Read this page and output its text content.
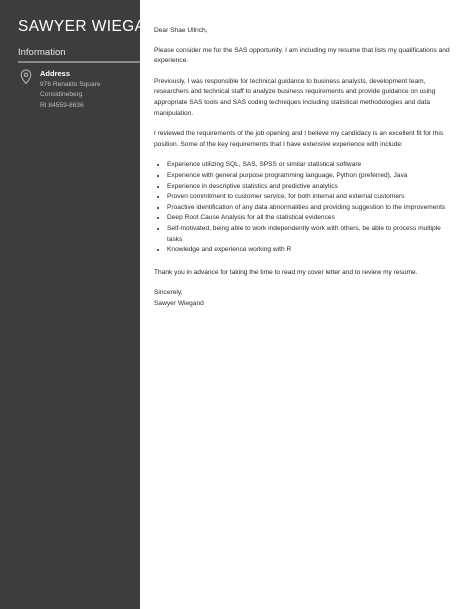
SAWYER WIEGAND
Information
Address
976 Renaldo Square
Considineberg
RI 84559-8636

Dear Shae Ullrich,

Please consider me for the SAS opportunity. I am including my resume that lists my qualifications and experience.

Previously, I was responsible for technical guidance to business analysts, development team, researchers and technical staff to analyze business requirements and provide guidance on using appropriate SAS tools and SAS coding techniques including statistical methodologies and data manipulation.

I reviewed the requirements of the job opening and I believe my candidacy is an excellent fit for this position. Some of the key requirements that I have extensive experience with include:

• Experience utilizing SQL, SAS, SPSS or similar statistical software
• Experience with general purpose programming language, Python (preferred), Java
• Experience in descriptive statistics and predictive analytics
• Proven commitment to customer service, for both internal and external customers
• Proactive identification of any data abnormalities and providing suggestion to the improvements
• Deep Root Cause Analysis for all the statistical evidences
• Self-motivated, being able to work independently work with others, be able to process multiple tasks
• Knowledge and experience working with R

Thank you in advance for taking the time to read my cover letter and to review my resume.

Sincerely,

Sawyer Wiegand
